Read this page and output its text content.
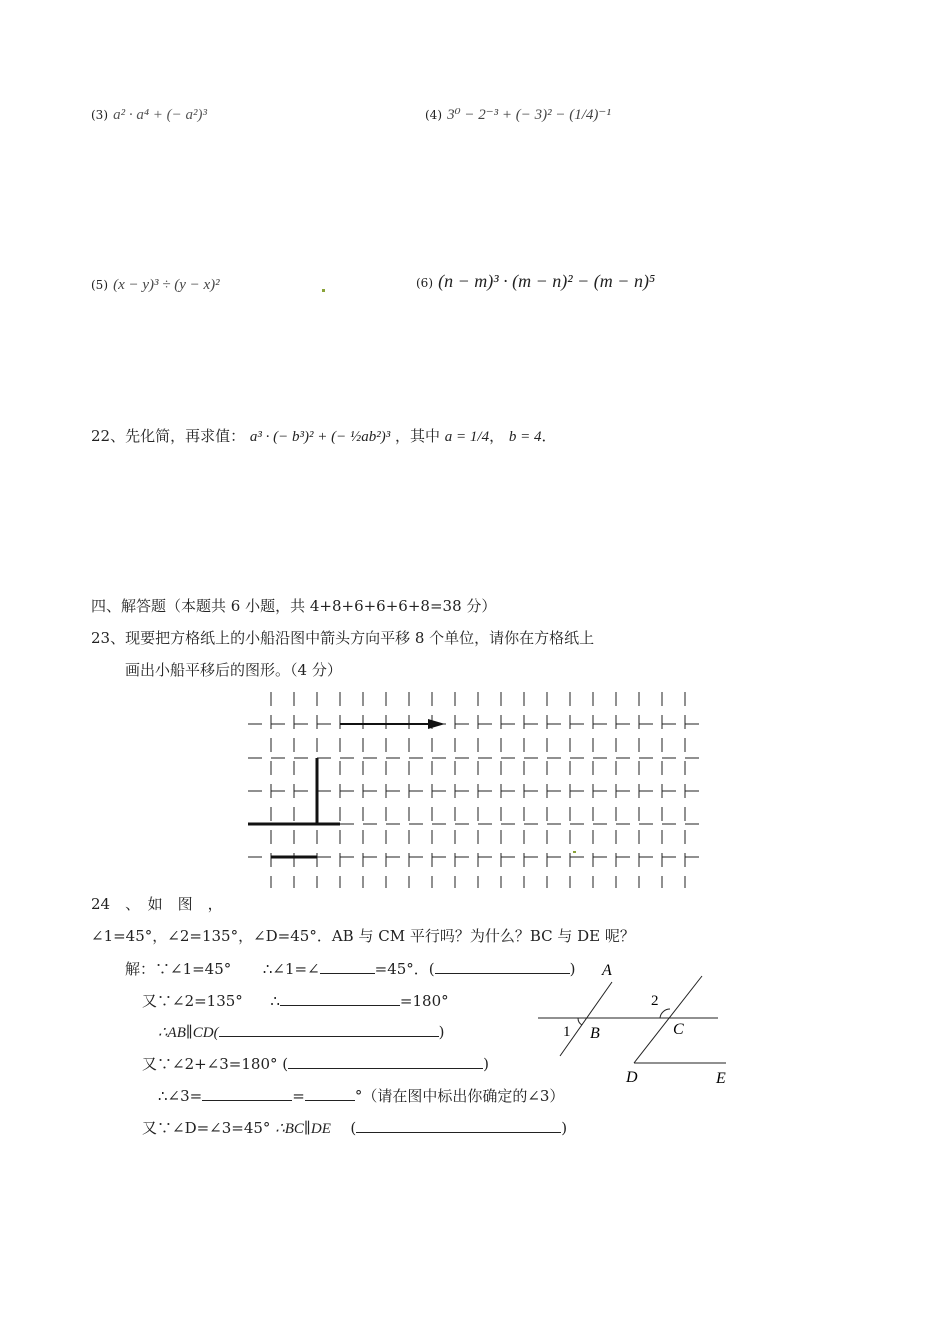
(3) a² · a⁴ + (− a²)³	(4) 3⁰ − 2⁻³ + (− 3)² − (1/4)⁻¹
(5) (x − y)³ ÷ (y − x)²	(6) (n − m)³ · (m − n)² − (m − n)⁵
22、先化简，再求值： a³ · (− b³)² + (− ½ab²)³ ，其中 a = 1/4， b = 4．
四、解答题（本题共 6 小题，共 4+8+6+6+6+8=38 分）
23、现要把方格纸上的小船沿图中箭头方向平移 8 个单位，请你在方格纸上
画出小船平移后的图形。（4 分）
24　、　如　图　，
∠1=45°，∠2=135°，∠D=45°．AB 与 CM 平行吗？为什么？BC 与 DE 呢？
解：∵∠1=45° ∴∠1=∠	=45°．(	)
又∵∠2=135° ∴	=180°
∴AB∥CD(	)
又∵∠2+∠3=180° (	)
∴∠3=	=	°（请在图中标出你确定的∠3）
又∵∠D=∠3=45° ∴BC∥DE (	)
A
B	C
D	E
1
2
